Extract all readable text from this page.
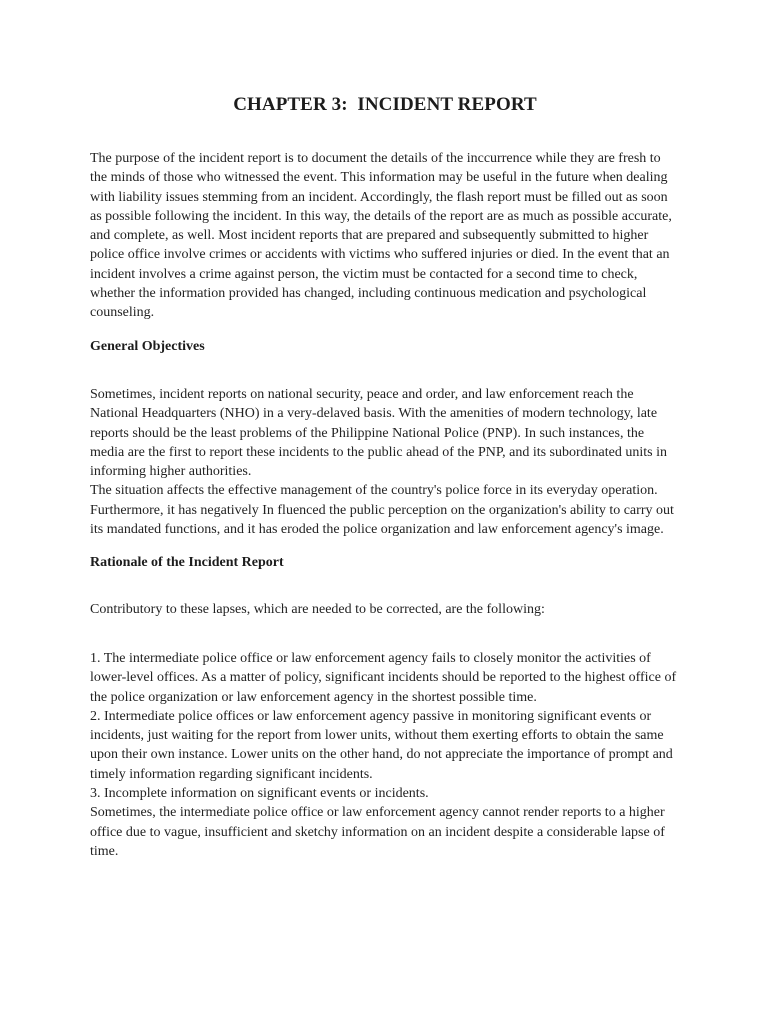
CHAPTER 3:  INCIDENT REPORT

The purpose of the incident report is to document the details of the inccurrence while they are fresh to the minds of those who witnessed the event. This information may be useful in the future when dealing with liability issues stemming from an incident. Accordingly, the flash report must be filled out as soon as possible following the incident. In this way, the details of the report are as much as possible accurate, and complete, as well. Most incident reports that are prepared and subsequently submitted to higher police office involve crimes or accidents with victims who suffered injuries or died. In the event that an incident involves a crime against person, the victim must be contacted for a second time to check, whether the information provided has changed, including continuous medication and psychological counseling.

General Objectives

Sometimes, incident reports on national security, peace and order, and law enforcement reach the National Headquarters (NHO) in a very-delaved basis. With the amenities of modern technology, late reports should be the least problems of the Philippine National Police (PNP). In such instances, the media are the first to report these incidents to the public ahead of the PNP, and its subordinated units in informing higher authorities.

The situation affects the effective management of the country's police force in its everyday operation. Furthermore, it has negatively In fluenced the public perception on the organization's ability to carry out its mandated functions, and it has eroded the police organization and law enforcement agency's image.

Rationale of the Incident Report

Contributory to these lapses, which are needed to be corrected, are the following:

1. The intermediate police office or law enforcement agency fails to closely monitor the activities of lower-level offices. As a matter of policy, significant incidents should be reported to the highest office of the police organization or law enforcement agency in the shortest possible time.

2. Intermediate police offices or law enforcement agency passive in monitoring significant events or incidents, just waiting for the report from lower units, without them exerting efforts to obtain the same upon their own instance. Lower units on the other hand, do not appreciate the importance of prompt and timely information regarding significant incidents.

3. Incomplete information on significant events or incidents.

Sometimes, the intermediate police office or law enforcement agency cannot render reports to a higher office due to vague, insufficient and sketchy information on an incident despite a considerable lapse of time.
